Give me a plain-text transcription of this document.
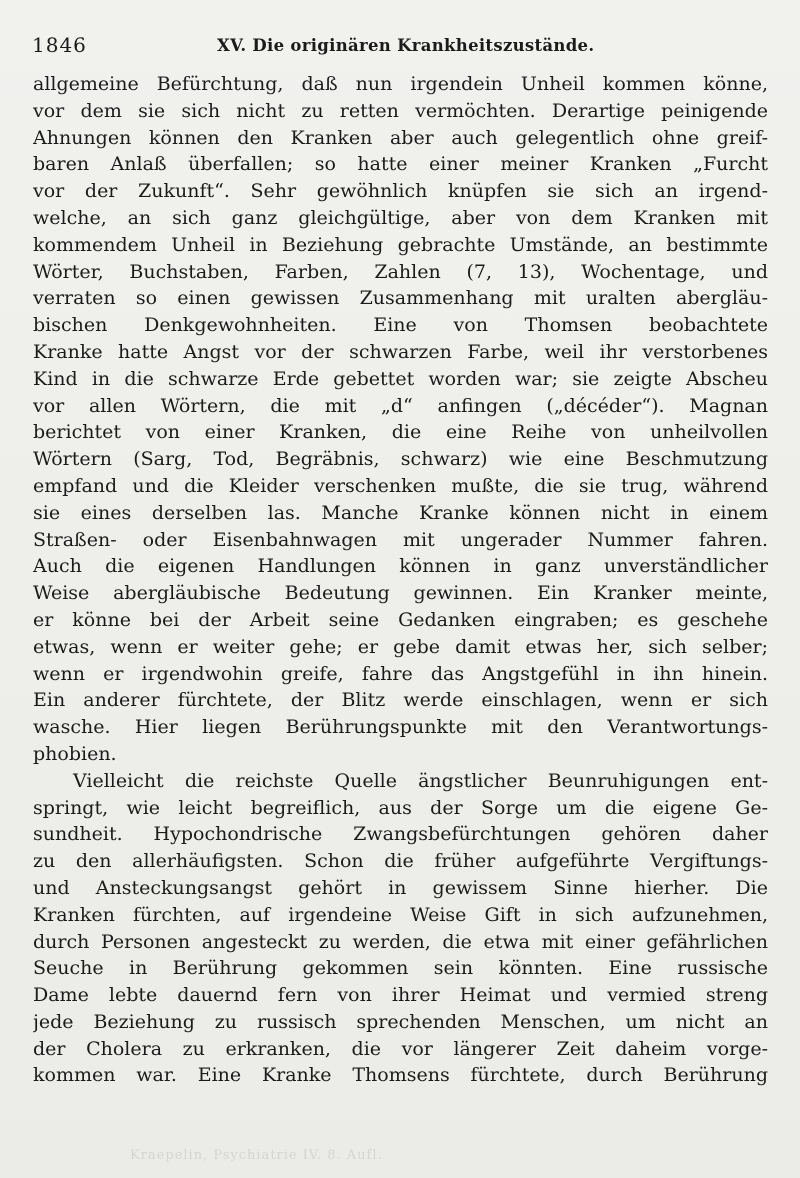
1846	XV. Die originären Krankheitszustände.
allgemeine Befürchtung, daß nun irgendein Unheil kommen könne,
vor dem sie sich nicht zu retten vermöchten. Derartige peinigende
Ahnungen können den Kranken aber auch gelegentlich ohne greif-
baren Anlaß überfallen; so hatte einer meiner Kranken „Furcht
vor der Zukunft“. Sehr gewöhnlich knüpfen sie sich an irgend-
welche, an sich ganz gleichgültige, aber von dem Kranken mit
kommendem Unheil in Beziehung gebrachte Umstände, an bestimmte
Wörter, Buchstaben, Farben, Zahlen (7, 13), Wochentage, und
verraten so einen gewissen Zusammenhang mit uralten abergläu-
bischen Denkgewohnheiten. Eine von Thomsen beobachtete
Kranke hatte Angst vor der schwarzen Farbe, weil ihr verstorbenes
Kind in die schwarze Erde gebettet worden war; sie zeigte Abscheu
vor allen Wörtern, die mit „d“ anfingen („décéder“). Magnan
berichtet von einer Kranken, die eine Reihe von unheilvollen
Wörtern (Sarg, Tod, Begräbnis, schwarz) wie eine Beschmutzung
empfand und die Kleider verschenken mußte, die sie trug, während
sie eines derselben las. Manche Kranke können nicht in einem
Straßen- oder Eisenbahnwagen mit ungerader Nummer fahren.
Auch die eigenen Handlungen können in ganz unverständlicher
Weise abergläubische Bedeutung gewinnen. Ein Kranker meinte,
er könne bei der Arbeit seine Gedanken eingraben; es geschehe
etwas, wenn er weiter gehe; er gebe damit etwas her, sich selber;
wenn er irgendwohin greife, fahre das Angstgefühl in ihn hinein.
Ein anderer fürchtete, der Blitz werde einschlagen, wenn er sich
wasche. Hier liegen Berührungspunkte mit den Verantwortungs-
phobien.
Vielleicht die reichste Quelle ängstlicher Beunruhigungen ent-
springt, wie leicht begreiflich, aus der Sorge um die eigene Ge-
sundheit. Hypochondrische Zwangsbefürchtungen gehören daher
zu den allerhäufigsten. Schon die früher aufgeführte Vergiftungs-
und Ansteckungsangst gehört in gewissem Sinne hierher. Die
Kranken fürchten, auf irgendeine Weise Gift in sich aufzunehmen,
durch Personen angesteckt zu werden, die etwa mit einer gefährlichen
Seuche in Berührung gekommen sein könnten. Eine russische
Dame lebte dauernd fern von ihrer Heimat und vermied streng
jede Beziehung zu russisch sprechenden Menschen, um nicht an
der Cholera zu erkranken, die vor längerer Zeit daheim vorge-
kommen war. Eine Kranke Thomsens fürchtete, durch Berührung
Kraepelin, Psychiatrie IV. 8. Aufl.
